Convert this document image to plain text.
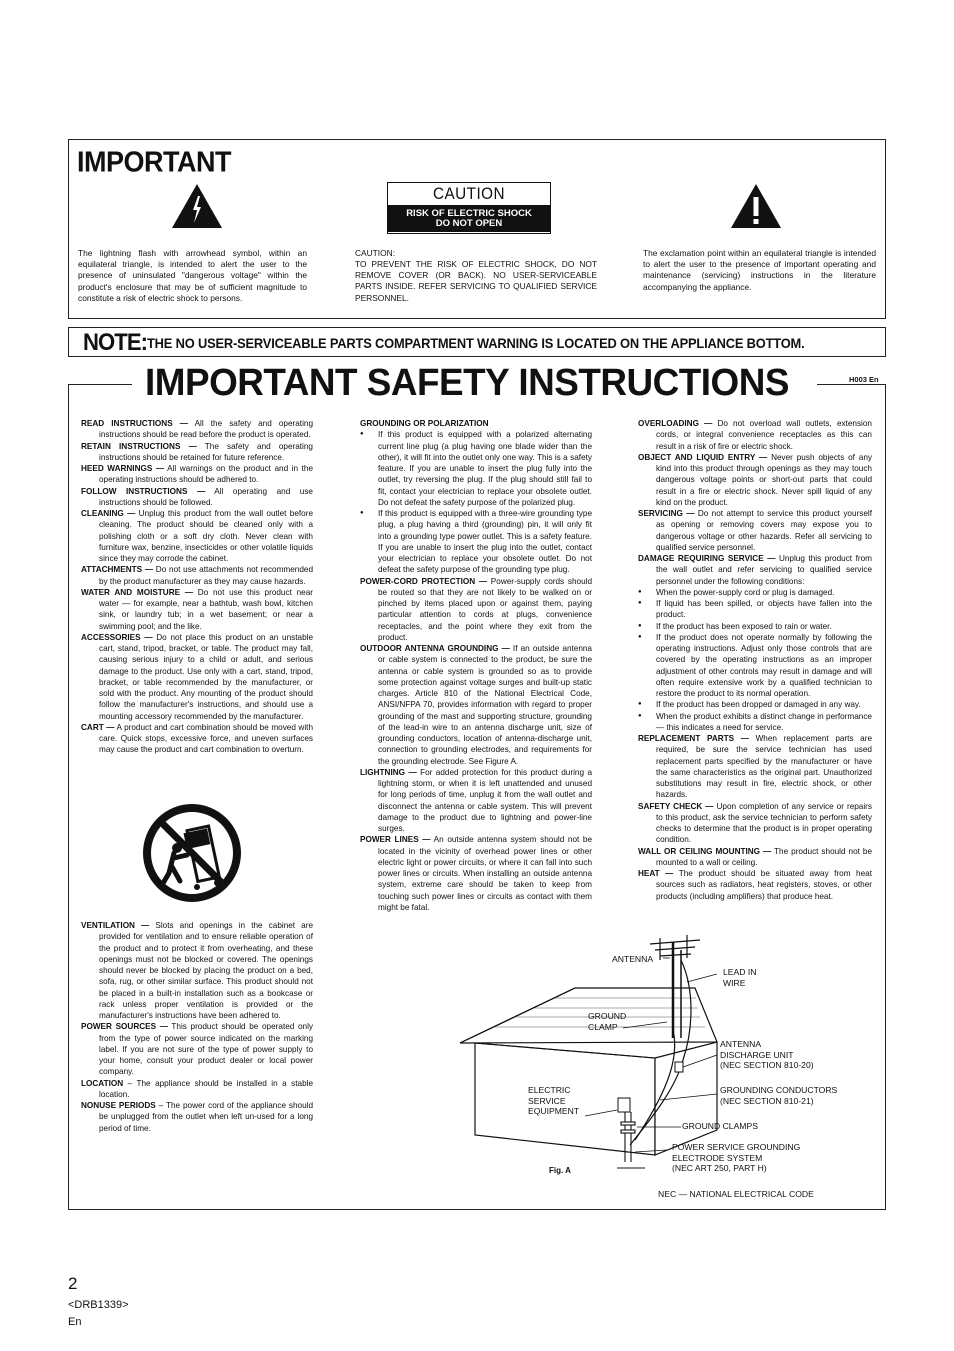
IMPORTANT
The lightning flash with arrowhead symbol, within an equilateral triangle, is intended to alert the user to the presence of uninsulated "dangerous voltage" within the product's enclosure that may be of sufficient magnitude to constitute a risk of electric shock to persons.
CAUTION
RISK OF ELECTRIC SHOCK
DO NOT OPEN
CAUTION:
TO PREVENT THE RISK OF ELECTRIC SHOCK, DO NOT REMOVE COVER (OR BACK). NO USER-SERVICEABLE PARTS INSIDE. REFER SERVICING TO QUALIFIED SERVICE PERSONNEL.
The exclamation point within an equilateral triangle is intended to alert the user to the presence of important operating and maintenance (servicing) instructions in the literature accompanying the appliance.
NOTE: THE NO USER-SERVICEABLE PARTS COMPARTMENT WARNING IS LOCATED ON THE APPLIANCE BOTTOM.
IMPORTANT SAFETY INSTRUCTIONS	H003 En

READ INSTRUCTIONS — All the safety and operating instructions should be read before the product is operated.

RETAIN INSTRUCTIONS — The safety and operating instructions should be retained for future reference.

HEED WARNINGS — All warnings on the product and in the operating instructions should be adhered to.

FOLLOW INSTRUCTIONS — All operating and use instructions should be followed.

CLEANING — Unplug this product from the wall outlet before cleaning. The product should be cleaned only with a polishing cloth or a soft dry cloth. Never clean with furniture wax, benzine, insecticides or other volatile liquids since they may corrode the cabinet.

ATTACHMENTS — Do not use attachments not recommended by the product manufacturer as they may cause hazards.

WATER AND MOISTURE — Do not use this product near water — for example, near a bathtub, wash bowl, kitchen sink, or laundry tub; in a wet basement; or near a swimming pool; and the like.

ACCESSORIES — Do not place this product on an unstable cart, stand, tripod, bracket, or table. The product may fall, causing serious injury to a child or adult, and serious damage to the product. Use only with a cart, stand, tripod, bracket, or table recommended by the manufacturer, or sold with the product. Any mounting of the product should follow the manufacturer's instructions, and should use a mounting accessory recommended by the manufacturer.

CART — A product and cart combination should be moved with care. Quick stops, excessive force, and uneven surfaces may cause the product and cart combination to overturn.

VENTILATION — Slots and openings in the cabinet are provided for ventilation and to ensure reliable operation of the product and to protect it from overheating, and these openings must not be blocked or covered. The openings should never be blocked by placing the product on a bed, sofa, rug, or other similar surface. This product should not be placed in a built-in installation such as a bookcase or rack unless proper ventilation is provided or the manufacturer's instructions have been adhered to.

POWER SOURCES — This product should be operated only from the type of power source indicated on the marking label. If you are not sure of the type of power supply to your home, consult your product dealer or local power company.

LOCATION – The appliance should be installed in a stable location.

NONUSE PERIODS – The power cord of the appliance should be unplugged from the outlet when left un-used for a long period of time.

GROUNDING OR POLARIZATION

● If this product is equipped with a polarized alternating current line plug (a plug having one blade wider than the other), it will fit into the outlet only one way. This is a safety feature. If you are unable to insert the plug fully into the outlet, try reversing the plug. If the plug should still fail to fit, contact your electrician to replace your obsolete outlet. Do not defeat the safety purpose of the polarized plug.

● If this product is equipped with a three-wire grounding type plug, a plug having a third (grounding) pin, it will only fit into a grounding type power outlet. This is a safety feature. If you are unable to insert the plug into the outlet, contact your electrician to replace your obsolete outlet. Do not defeat the safety purpose of the grounding type plug.

POWER-CORD PROTECTION — Power-supply cords should be routed so that they are not likely to be walked on or pinched by items placed upon or against them, paying particular attention to cords at plugs, convenience receptacles, and the point where they exit from the product.

OUTDOOR ANTENNA GROUNDING — If an outside antenna or cable system is connected to the product, be sure the antenna or cable system is grounded so as to provide some protection against voltage surges and built-up static charges. Article 810 of the National Electrical Code, ANSI/NFPA 70, provides information with regard to proper grounding of the mast and supporting structure, grounding of the lead-in wire to an antenna discharge unit, size of grounding conductors, location of antenna-discharge unit, connection to grounding electrodes, and requirements for the grounding electrode. See Figure A.

LIGHTNING — For added protection for this product during a lightning storm, or when it is left unattended and unused for long periods of time, unplug it from the wall outlet and disconnect the antenna or cable system. This will prevent damage to the product due to lightning and power-line surges.

POWER LINES — An outside antenna system should not be located in the vicinity of overhead power lines or other electric light or power circuits, or where it can fall into such power lines or circuits. When installing an outside antenna system, extreme care should be taken to keep from touching such power lines or circuits as contact with them might be fatal.

OVERLOADING — Do not overload wall outlets, extension cords, or integral convenience receptacles as this can result in a risk of fire or electric shock.

OBJECT AND LIQUID ENTRY — Never push objects of any kind into this product through openings as they may touch dangerous voltage points or short-out parts that could result in a fire or electric shock. Never spill liquid of any kind on the product.

SERVICING — Do not attempt to service this product yourself as opening or removing covers may expose you to dangerous voltage or other hazards. Refer all servicing to qualified service personnel.

DAMAGE REQUIRING SERVICE — Unplug this product from the wall outlet and refer servicing to qualified service personnel under the following conditions:

● When the power-supply cord or plug is damaged.

● If liquid has been spilled, or objects have fallen into the product.

● If the product has been exposed to rain or water.

● If the product does not operate normally by following the operating instructions. Adjust only those controls that are covered by the operating instructions as an improper adjustment of other controls may result in damage and will often require extensive work by a qualified technician to restore the product to its normal operation.

● If the product has been dropped or damaged in any way.

● When the product exhibits a distinct change in performance — this indicates a need for service.

REPLACEMENT PARTS — When replacement parts are required, be sure the service technician has used replacement parts specified by the manufacturer or have the same characteristics as the original part. Unauthorized substitutions may result in fire, electric shock, or other hazards.

SAFETY CHECK — Upon completion of any service or repairs to this product, ask the service technician to perform safety checks to determine that the product is in proper operating condition.

WALL OR CEILING MOUNTING — The product should not be mounted to a wall or ceiling.

HEAT — The product should be situated away from heat sources such as radiators, heat registers, stoves, or other products (including amplifiers) that produce heat.

ANTENNA
LEAD IN
WIRE
GROUND
CLAMP
ANTENNA
DISCHARGE UNIT
(NEC SECTION 810-20)
ELECTRIC
SERVICE
EQUIPMENT
GROUNDING CONDUCTORS
(NEC SECTION 810-21)
GROUND CLAMPS
POWER SERVICE GROUNDING
ELECTRODE SYSTEM
(NEC ART 250, PART H)
Fig. A
NEC — NATIONAL ELECTRICAL CODE
2
<DRB1339>
En
